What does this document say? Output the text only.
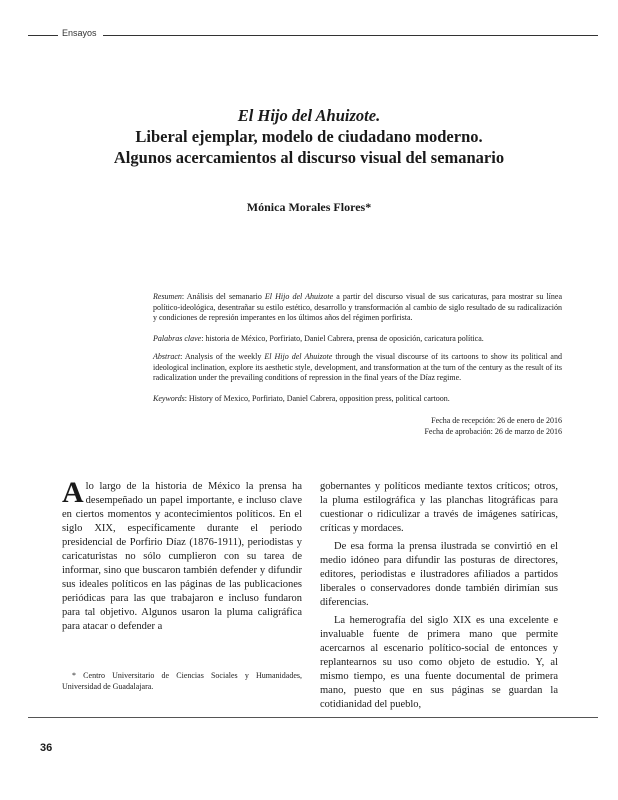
Ensayos
El Hijo del Ahuizote.
Liberal ejemplar, modelo de ciudadano moderno.
Algunos acercamientos al discurso visual del semanario
Mónica Morales Flores*
Resumen: Análisis del semanario El Hijo del Ahuizote a partir del discurso visual de sus caricaturas, para mostrar su línea político-ideológica, desentrañar su estilo estético, desarrollo y transformación al cambio de siglo resultado de su radicalización y condiciones de represión imperantes en los últimos años del régimen porfirista.
Palabras clave: historia de México, Porfiriato, Daniel Cabrera, prensa de oposición, caricatura política.
Abstract: Analysis of the weekly El Hijo del Ahuizote through the visual discourse of its cartoons to show its political and ideological inclination, explore its aesthetic style, development, and transformation at the turn of the century as the result of its radicalization under the prevailing conditions of repression in the final years of the Díaz regime.
Keywords: History of Mexico, Porfiriato, Daniel Cabrera, opposition press, political cartoon.
Fecha de recepción: 26 de enero de 2016
Fecha de aprobación: 26 de marzo de 2016

A lo largo de la historia de México la prensa ha desempeñado un papel importante, e incluso clave en ciertos momentos y acontecimientos políticos. En el siglo XIX, específicamente durante el periodo presidencial de Porfirio Díaz (1876-1911), periodistas y caricaturistas no sólo cumplieron con su tarea de informar, sino que buscaron también defender y difundir sus ideales políticos en las páginas de las publicaciones periódicas para las que trabajaron e incluso fundaron para tal objetivo. Algunos usaron la pluma caligráfica para atacar o defender a

gobernantes y políticos mediante textos críticos; otros, la pluma estilográfica y las planchas litográficas para cuestionar o ridiculizar a través de imágenes satíricas, críticas y mordaces.

De esa forma la prensa ilustrada se convirtió en el medio idóneo para difundir las posturas de directores, editores, periodistas e ilustradores afiliados a partidos liberales o conservadores donde también dirimían sus diferencias.

La hemerografía del siglo XIX es una excelente e invaluable fuente de primera mano que permite acercarnos al escenario político-social de entonces y replantearnos su uso como objeto de estudio. Y, al mismo tiempo, es una fuente documental de primera mano, puesto que en sus páginas se guardan la cotidianidad del pueblo,

* Centro Universitario de Ciencias Sociales y Humanidades, Universidad de Guadalajara.
36
